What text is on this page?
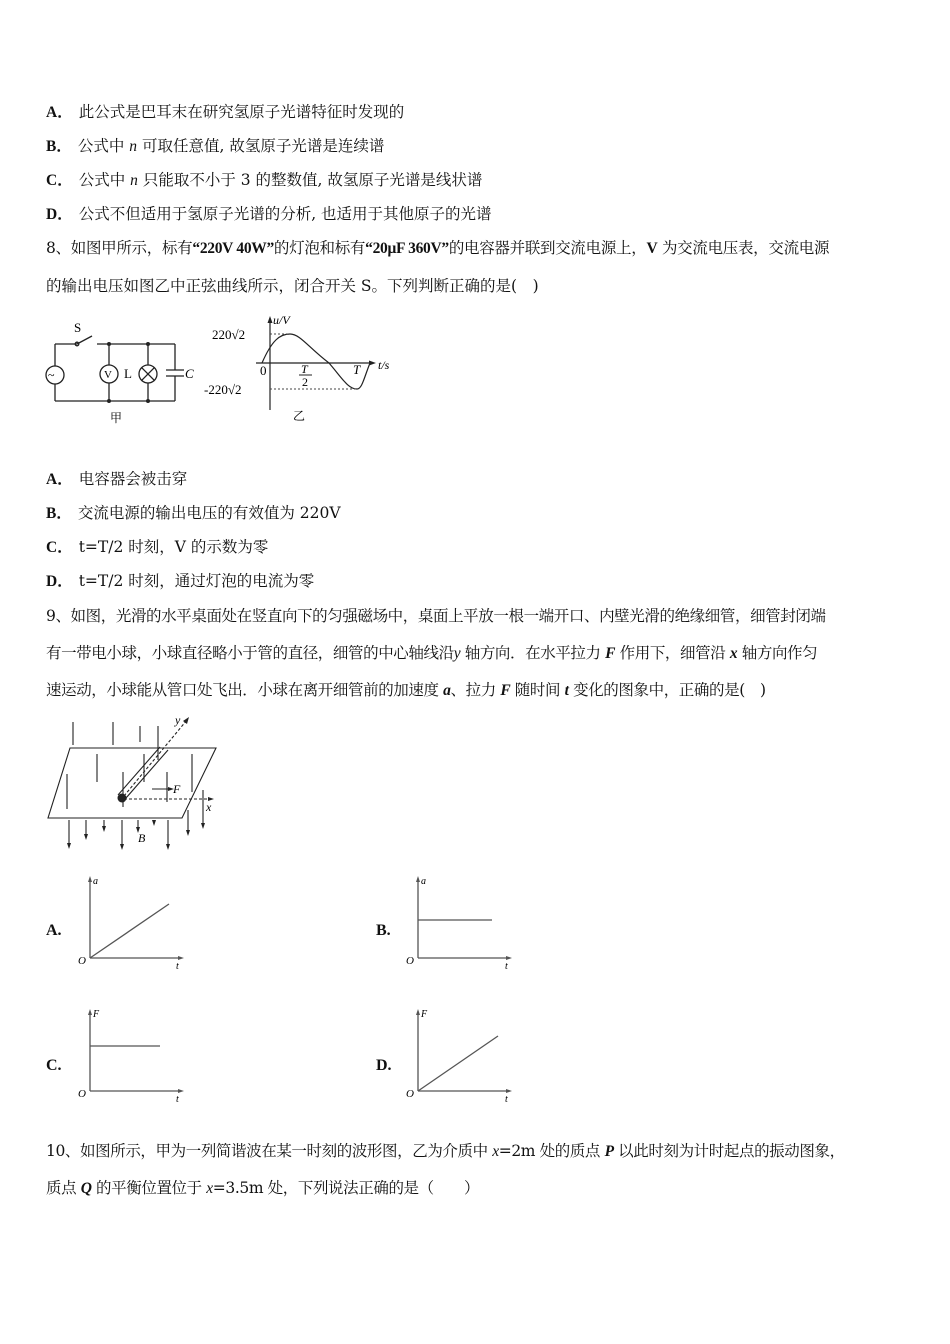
A． 此公式是巴耳末在研究氢原子光谱特征时发现的
B． 公式中 n 可取任意值, 故氢原子光谱是连续谱
C． 公式中 n 只能取不小于 3 的整数值, 故氢原子光谱是线状谱
D． 公式不但适用于氢原子光谱的分析, 也适用于其他原子的光谱
8、如图甲所示，标有“220V 40W”的灯泡和标有“20μF 360V”的电容器并联到交流电源上，V 为交流电压表，交流电源
的输出电压如图乙中正弦曲线所示，闭合开关 S。下列判断正确的是(　)
~	V L	C
S
甲
220√2
-220√2
u/V
t/s
0	T
2
T
乙
A． 电容器会被击穿
B． 交流电源的输出电压的有效值为 220V
C． t=T/2 时刻，V 的示数为零
D． t=T/2 时刻，通过灯泡的电流为零
9、如图，光滑的水平桌面处在竖直向下的匀强磁场中，桌面上平放一根一端开口、内壁光滑的绝缘细管，细管封闭端
有一带电小球，小球直径略小于管的直径，细管的中心轴线沿y 轴方向．在水平拉力 F 作用下，细管沿 x 轴方向作匀
速运动，小球能从管口处飞出．小球在离开细管前的加速度 a、拉力 F 随时间 t 变化的图象中，正确的是(　)
y
x
F
B
A.
a
t
O
B.
a
t
O
C.
F
t
O
D.
F
t
O
10、如图所示，甲为一列简谐波在某一时刻的波形图，乙为介质中 x=2m 处的质点 P 以此时刻为计时起点的振动图象，
质点 Q 的平衡位置位于 x=3.5m 处，下列说法正确的是（　　）
